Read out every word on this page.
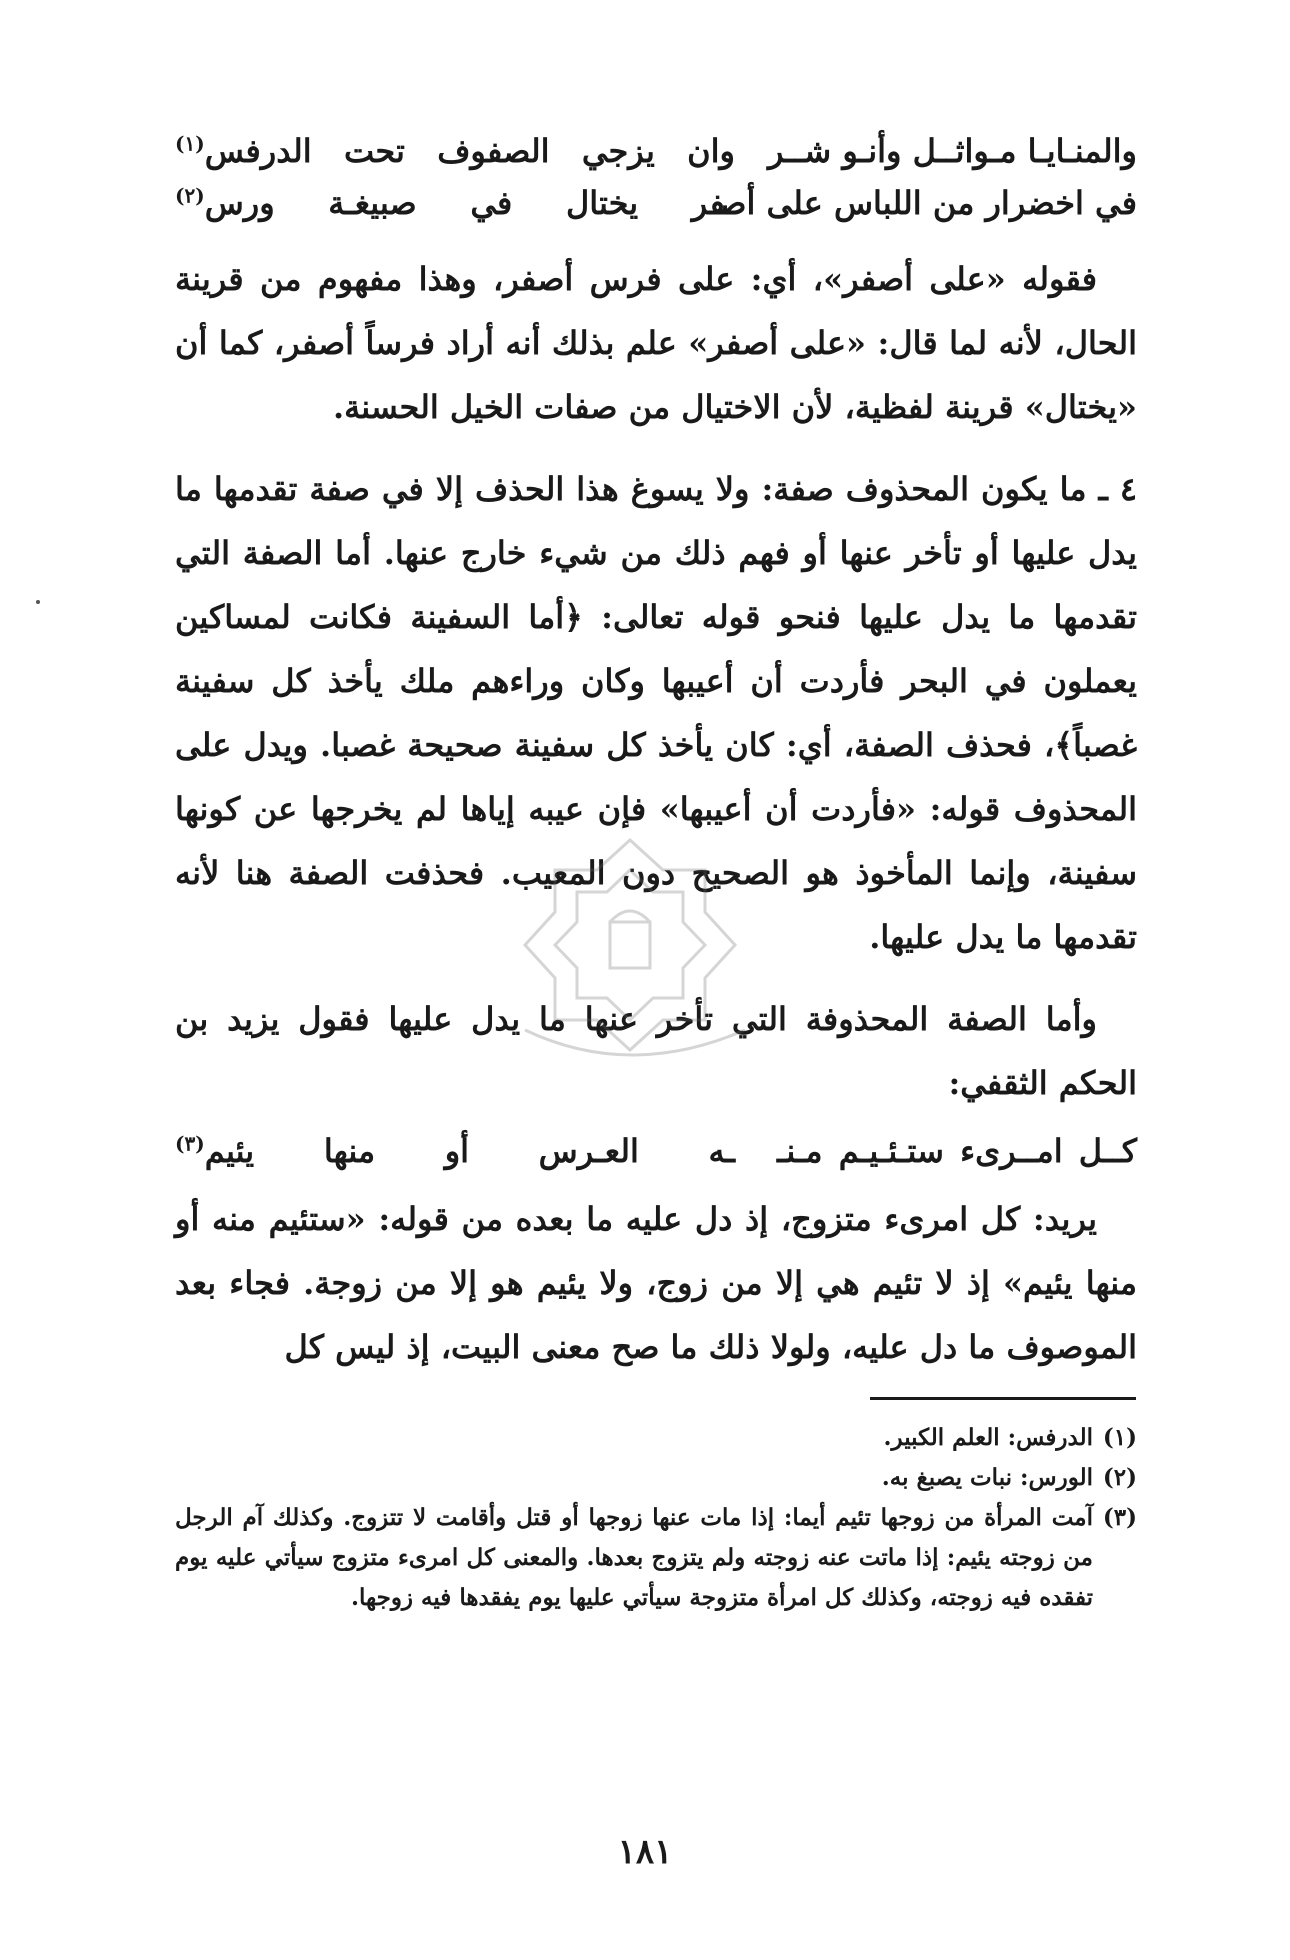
والمنـايـا مـواثــل وأنـو شــر
وان يزجي الصفوف تحت الدرفس$^{(١)}$
في اخضرار من اللباس على أصـ
ـفر يختال في صبيغـة ورس$^{(٢)}$

فقوله «على أصفر»، أي: على فرس أصفر، وهذا مفهوم من قرينة الحال، لأنه لما قال: «على أصفر» علم بذلك أنه أراد فرساً أصفر، كما أن «يختال» قرينة لفظية، لأن الاختيال من صفات الخيل الحسنة.

٤ ـ ما يكون المحذوف صفة: ولا يسوغ هذا الحذف إلا في صفة تقدمها ما يدل عليها أو تأخر عنها أو فهم ذلك من شيء خارج عنها. أما الصفة التي تقدمها ما يدل عليها فنحو قوله تعالى: ﴿أما السفينة فكانت لمساكين يعملون في البحر فأردت أن أعيبها وكان وراءهم ملك يأخذ كل سفينة غصباً﴾، فحذف الصفة، أي: كان يأخذ كل سفينة صحيحة غصبا. ويدل على المحذوف قوله: «فأردت أن أعيبها» فإن عيبه إياها لم يخرجها عن كونها سفينة، وإنما المأخوذ هو الصحيح دون المعيب. فحذفت الصفة هنا لأنه تقدمها ما يدل عليها.

وأما الصفة المحذوفة التي تأخر عنها ما يدل عليها فقول يزيد بن الحكم الثقفي:

كــل امــرىء ستـئـيـم مـنـ
ـه العـرس أو منها يئيم$^{(٣)}$

يريد: كل امرىء متزوج، إذ دل عليه ما بعده من قوله: «ستئيم منه أو منها يئيم» إذ لا تئيم هي إلا من زوج، ولا يئيم هو إلا من زوجة. فجاء بعد الموصوف ما دل عليه، ولولا ذلك ما صح معنى البيت، إذ ليس كل

(١)
الدرفس: العلم الكبير.
(٢)
الورس: نبات يصبغ به.
(٣)
آمت المرأة من زوجها تئيم أيما: إذا مات عنها زوجها أو قتل وأقامت لا تتزوج. وكذلك آم الرجل من زوجته يئيم: إذا ماتت عنه زوجته ولم يتزوج بعدها. والمعنى كل امرىء متزوج سيأتي عليه يوم تفقده فيه زوجته، وكذلك كل امرأة متزوجة سيأتي عليها يوم يفقدها فيه زوجها.
١٨١
